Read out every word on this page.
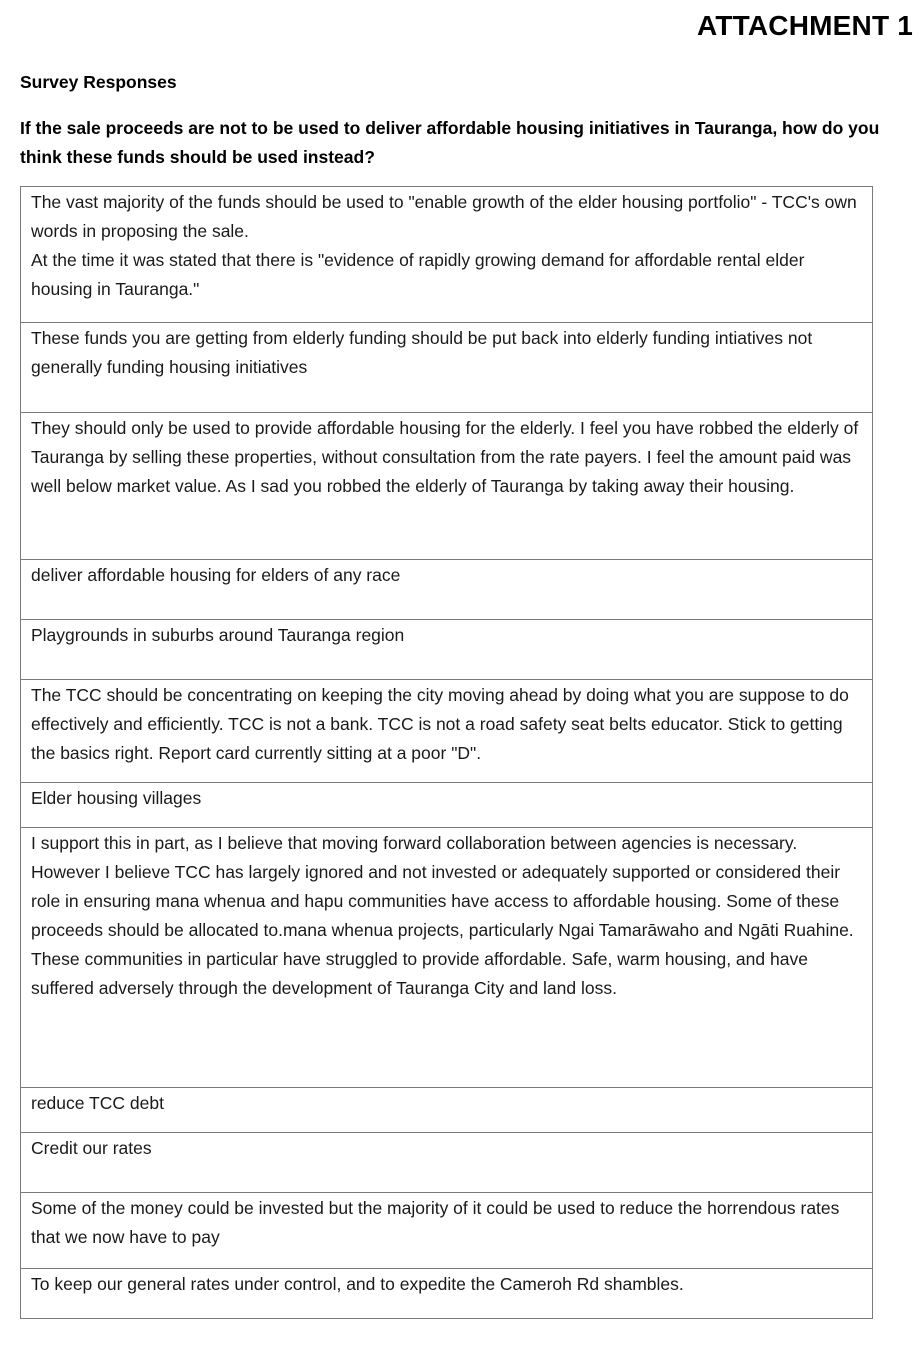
ATTACHMENT 1
Survey Responses
If the sale proceeds are not to be used to deliver affordable housing initiatives in Tauranga, how do you think these funds should be used instead?
The vast majority of the funds should be used to "enable growth of the elder housing portfolio" - TCC's own words in proposing the sale.
At the time it was stated that there is "evidence of rapidly growing demand for affordable rental elder housing in Tauranga."
These funds you are getting from elderly funding should be put back into elderly funding intiatives not generally funding housing initiatives
They should only be used to provide affordable housing for the elderly. I feel you have robbed the elderly of Tauranga by selling these properties, without consultation from the rate payers. I feel the amount paid was well below market value. As I sad you robbed the elderly of Tauranga by taking away their housing.
deliver affordable housing for elders of any race
Playgrounds in suburbs around Tauranga region
The TCC should be concentrating on keeping the city moving ahead by doing what you are suppose to do effectively and efficiently. TCC is not a bank. TCC is not a road safety seat belts educator. Stick to getting the basics right. Report card currently sitting at a poor "D".
Elder housing villages
I support this in part, as I believe that moving forward collaboration between agencies is necessary.
However I believe TCC has largely ignored and not invested or adequately supported or considered their role in ensuring mana whenua and hapu communities have access to affordable housing. Some of these proceeds should be allocated to.mana whenua projects, particularly Ngai Tamarāwaho and Ngāti Ruahine. These communities in particular have struggled to provide affordable. Safe, warm housing, and have suffered adversely through the development of Tauranga City and land loss.
reduce TCC debt
Credit our rates
Some of the money could be invested but the majority of it could be used to reduce the horrendous rates that we now have to pay
To keep our general rates under control, and to expedite the Cameroh Rd shambles.
